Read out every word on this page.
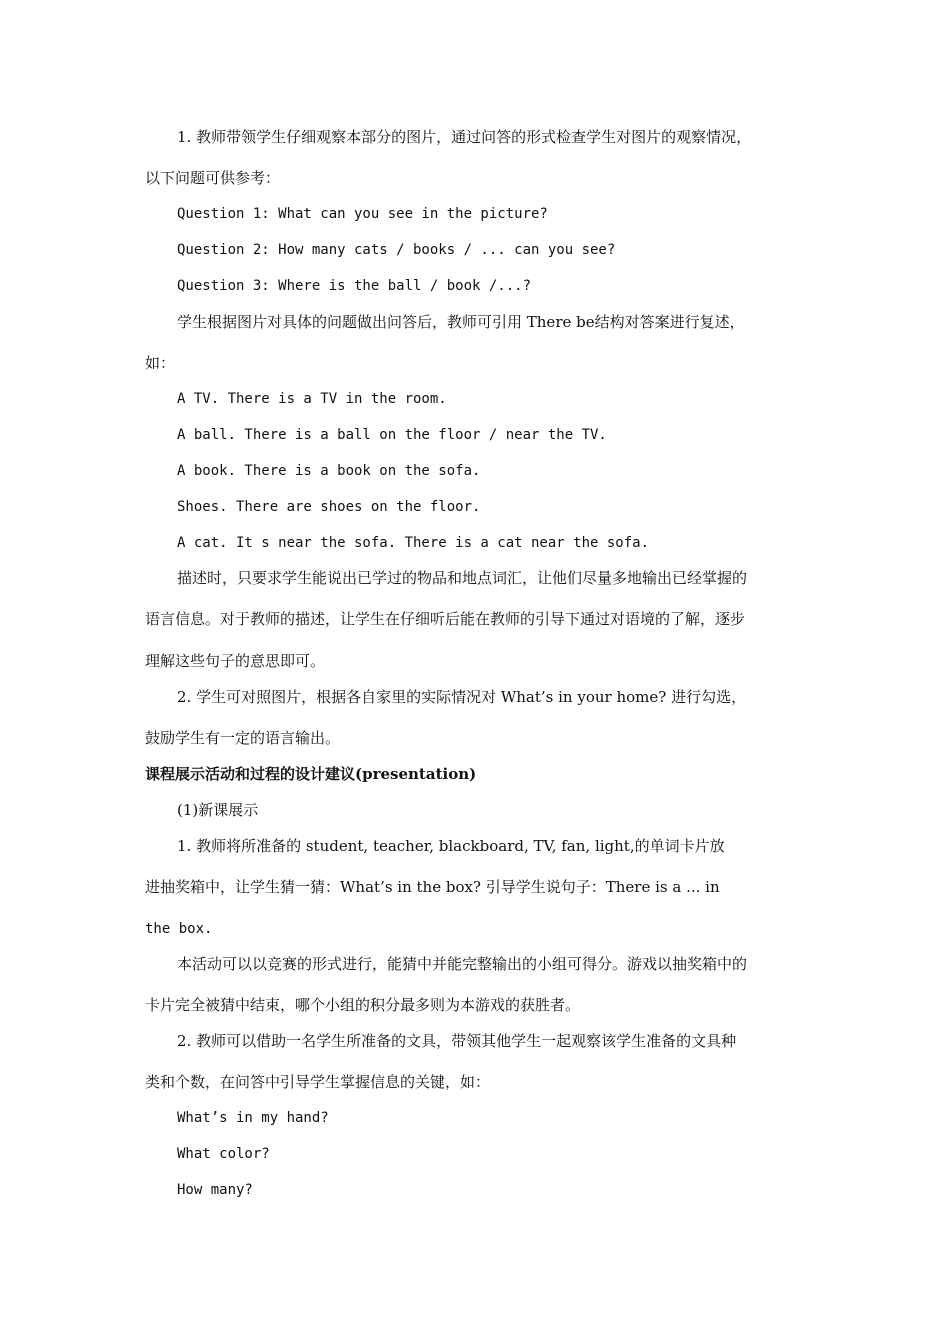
1. 教师带领学生仔细观察本部分的图片，通过问答的形式检查学生对图片的观察情况，
以下问题可供参考：
Question 1: What can you see in the picture?
Question 2: How many cats / books / ... can you see?
Question 3: Where is the ball / book /...?
学生根据图片对具体的问题做出问答后，教师可引用 There be结构对答案进行复述，
如：
A TV. There is a TV in the room.
A ball. There is a ball on the floor / near the TV.
A book. There is a book on the sofa.
Shoes. There are shoes on the floor.
A cat. It s near the sofa. There is a cat near the sofa.
描述时，只要求学生能说出已学过的物品和地点词汇，让他们尽量多地输出已经掌握的
语言信息。对于教师的描述，让学生在仔细听后能在教师的引导下通过对语境的了解，逐步
理解这些句子的意思即可。
2. 学生可对照图片，根据各自家里的实际情况对 What’s in your home? 进行勾选，
鼓励学生有一定的语言输出。
课程展示活动和过程的设计建议(presentation)
(1)新课展示
1. 教师将所准备的 student, teacher, blackboard, TV, fan, light,的单词卡片放
进抽奖箱中，让学生猜一猜：What’s in the box? 引导学生说句子：There is a ... in
the box.
本活动可以以竞赛的形式进行，能猜中并能完整输出的小组可得分。游戏以抽奖箱中的
卡片完全被猜中结束，哪个小组的积分最多则为本游戏的获胜者。
2. 教师可以借助一名学生所准备的文具，带领其他学生一起观察该学生准备的文具种
类和个数，在问答中引导学生掌握信息的关键，如：
What’s in my hand?
What color?
How many?
